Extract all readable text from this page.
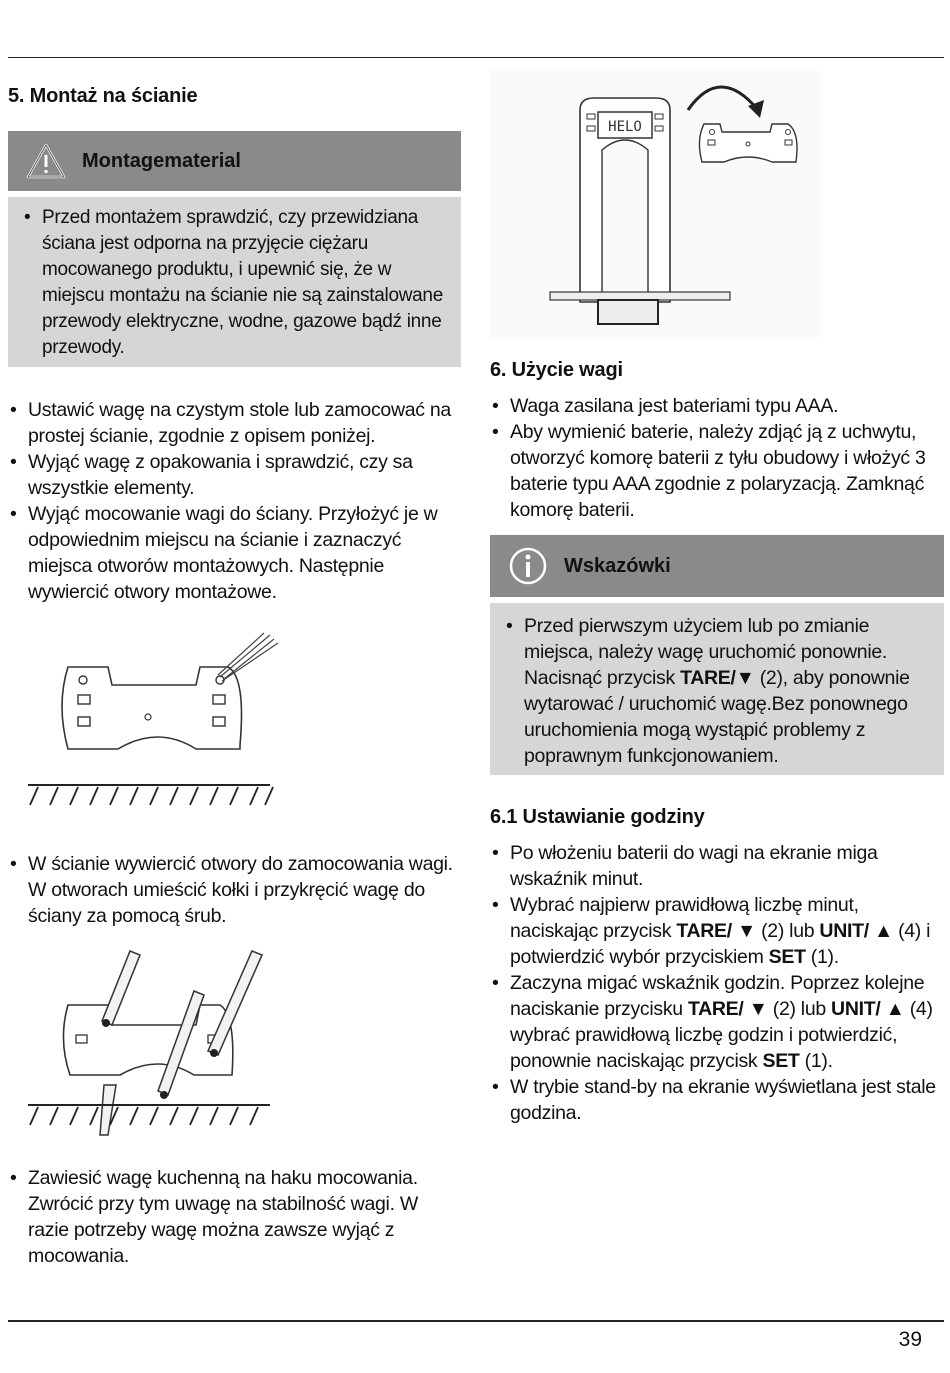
5. Montaż na ścianie
Montagematerial
• Przed montażem sprawdzić, czy przewidziana ściana jest odporna na przyjęcie ciężaru mocowanego produktu, i upewnić się, że w miejscu montażu na ścianie nie są zainstalowane przewody elektryczne, wodne, gazowe bądź inne przewody.
• Ustawić wagę na czystym stole lub zamocować na prostej ścianie, zgodnie z opisem poniżej.
• Wyjąć wagę z opakowania i sprawdzić, czy sa wszystkie elementy.
• Wyjąć mocowanie wagi do ściany. Przyłożyć je w odpowiednim miejscu na ścianie i zaznaczyć miejsca otworów montażowych. Następnie wywiercić otwory montażowe.
• W ścianie wywiercić otwory do zamocowania wagi. W otworach umieścić kołki i przykręcić wagę do ściany za pomocą śrub.
• Zawiesić wagę kuchenną na haku mocowania. Zwrócić przy tym uwagę na stabilność wagi. W razie potrzeby wagę można zawsze wyjąć z mocowania.
HELO
6. Użycie wagi
• Waga zasilana jest bateriami typu AAA.
• Aby wymienić baterie, należy zdjąć ją z uchwytu, otworzyć komorę baterii z tyłu obudowy i włożyć 3 baterie typu AAA zgodnie z polaryzacją. Zamknąć komorę baterii.
Wskazówki
• Przed pierwszym użyciem lub po zmianie miejsca, należy wagę uruchomić ponownie. Nacisnąć przycisk TARE/▼ (2), aby ponownie wytarować / uruchomić wagę.Bez ponownego uruchomienia mogą wystąpić problemy z poprawnym funkcjonowaniem.
6.1 Ustawianie godziny
• Po włożeniu baterii do wagi na ekranie miga wskaźnik minut.
• Wybrać najpierw prawidłową liczbę minut, naciskając przycisk TARE/ ▼ (2) lub UNIT/ ▲ (4) i potwierdzić wybór przyciskiem SET (1).
• Zaczyna migać wskaźnik godzin. Poprzez kolejne naciskanie przycisku TARE/ ▼ (2) lub UNIT/ ▲ (4) wybrać prawidłową liczbę godzin i potwierdzić, ponownie naciskając przycisk SET (1).
• W trybie stand-by na ekranie wyświetlana jest stale godzina.
39
